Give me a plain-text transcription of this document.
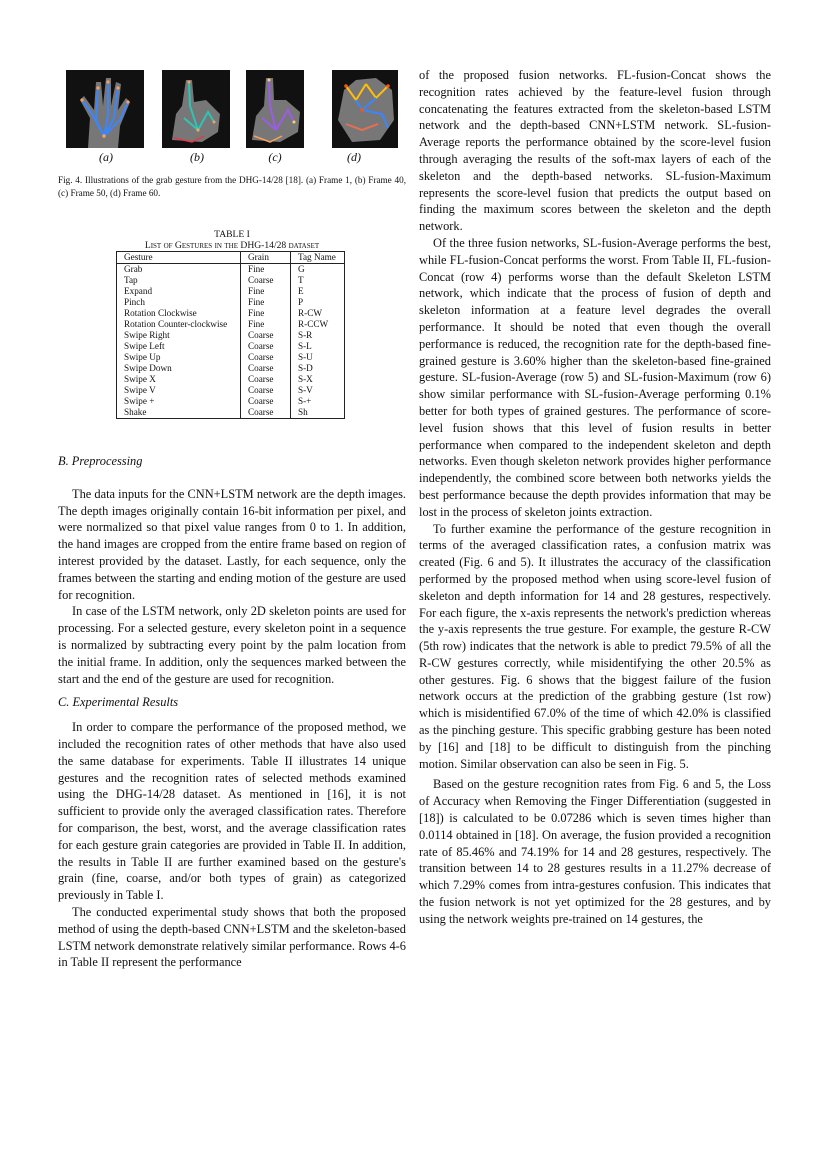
(a)	(b)	(c)	(d)
Fig. 4. Illustrations of the grab gesture from the DHG-14/28 [18]. (a) Frame 1, (b) Frame 40, (c) Frame 50, (d) Frame 60.
TABLE I
List of Gestures in the DHG-14/28 dataset
Gesture	Grain	Tag Name
Grab	Fine	G
Tap	Coarse	T
Expand	Fine	E
Pinch	Fine	P
Rotation Clockwise	Fine	R-CW
Rotation Counter-clockwise	Fine	R-CCW
Swipe Right	Coarse	S-R
Swipe Left	Coarse	S-L
Swipe Up	Coarse	S-U
Swipe Down	Coarse	S-D
Swipe X	Coarse	S-X
Swipe V	Coarse	S-V
Swipe +	Coarse	S-+
Shake	Coarse	Sh
B. Preprocessing

The data inputs for the CNN+LSTM network are the depth images. The depth images originally contain 16-bit information per pixel, and were normalized so that pixel value ranges from 0 to 1. In addition, the hand images are cropped from the entire frame based on region of interest provided by the dataset. Lastly, for each sequence, only the frames between the starting and ending motion of the gesture are used for recognition.

In case of the LSTM network, only 2D skeleton points are used for processing. For a selected gesture, every skeleton point in a sequence is normalized by subtracting every point by the palm location from the initial frame. In addition, only the sequences marked between the start and the end of the gesture are used for recognition.

C. Experimental Results

In order to compare the performance of the proposed method, we included the recognition rates of other methods that have also used the same database for experiments. Table II illustrates 14 unique gestures and the recognition rates of selected methods examined using the DHG-14/28 dataset. As mentioned in [16], it is not sufficient to provide only the averaged classification rates. Therefore for comparison, the best, worst, and the average classification rates for each gesture grain categories are provided in Table II. In addition, the results in Table II are further examined based on the gesture's grain (fine, coarse, and/or both types of grain) as categorized previously in Table I.

The conducted experimental study shows that both the proposed method of using the depth-based CNN+LSTM and the skeleton-based LSTM network demonstrate relatively similar performance. Rows 4-6 in Table II represent the performance

of the proposed fusion networks. FL-fusion-Concat shows the recognition rates achieved by the feature-level fusion through concatenating the features extracted from the skeleton-based LSTM network and the depth-based CNN+LSTM network. SL-fusion-Average reports the performance obtained by the score-level fusion through averaging the results of the soft-max layers of each of the skeleton and the depth-based networks. SL-fusion-Maximum represents the score-level fusion that predicts the output based on finding the maximum scores between the skeleton and the depth network.

Of the three fusion networks, SL-fusion-Average performs the best, while FL-fusion-Concat performs the worst. From Table II, FL-fusion-Concat (row 4) performs worse than the default Skeleton LSTM network, which indicate that the process of fusion of depth and skeleton information at a feature level degrades the overall performance. It should be noted that even though the overall performance is reduced, the recognition rate for the depth-based fine-grained gesture is 3.60% higher than the skeleton-based fine-grained gesture. SL-fusion-Average (row 5) and SL-fusion-Maximum (row 6) show similar performance with SL-fusion-Average performing 0.1% better for both types of grained gestures. The performance of score-level fusion shows that this level of fusion results in better performance when compared to the independent skeleton and depth networks. Even though skeleton network provides higher performance independently, the combined score between both networks yields the best performance because the depth provides information that may be lost in the process of skeleton joints extraction.

To further examine the performance of the gesture recognition in terms of the averaged classification rates, a confusion matrix was created (Fig. 6 and 5). It illustrates the accuracy of the classification performed by the proposed method when using score-level fusion of skeleton and depth information for 14 and 28 gestures, respectively. For each figure, the x-axis represents the network's prediction whereas the y-axis represents the true gesture. For example, the gesture R-CW (5th row) indicates that the network is able to predict 79.5% of all the R-CW gestures correctly, while misidentifying the other 20.5% as other gestures. Fig. 6 shows that the biggest failure of the fusion network occurs at the prediction of the grabbing gesture (1st row) which is misidentified 67.0% of the time of which 42.0% is classified as the pinching gesture. This specific grabbing gesture has been noted by [16] and [18] to be difficult to distinguish from the pinching motion. Similar observation can also be seen in Fig. 5.

Based on the gesture recognition rates from Fig. 6 and 5, the Loss of Accuracy when Removing the Finger Differentiation (suggested in [18]) is calculated to be 0.07286 which is seven times higher than 0.0114 obtained in [18]. On average, the fusion provided a recognition rate of 85.46% and 74.19% for 14 and 28 gestures, respectively. The transition between 14 to 28 gestures results in a 11.27% decrease of which 7.29% comes from intra-gestures confusion. This indicates that the fusion network is not yet optimized for the 28 gestures, and by using the network weights pre-trained on 14 gestures, the
